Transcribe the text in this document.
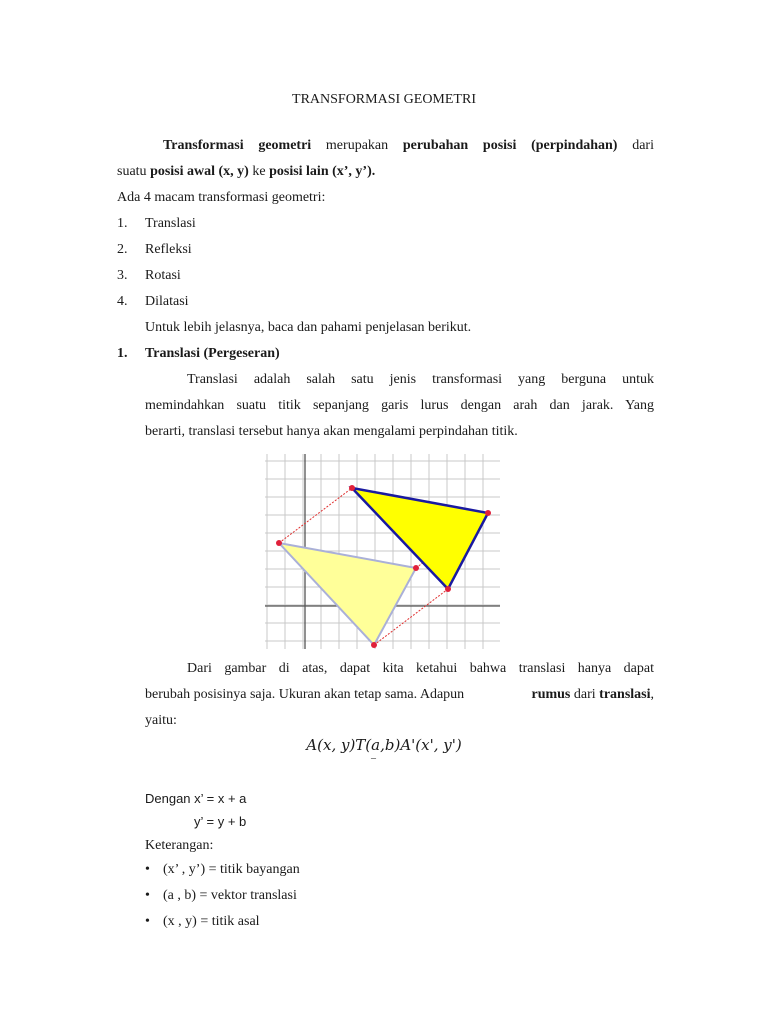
TRANSFORMASI GEOMETRI
Transformasi geometri merupakan perubahan posisi (perpindahan) dari
suatu posisi awal (x, y) ke posisi lain (x’, y’).
Ada 4 macam transformasi geometri:
1. Translasi
2. Refleksi
3. Rotasi
4. Dilatasi
Untuk lebih jelasnya, baca dan pahami penjelasan berikut.
1. Translasi (Pergeseran)
Translasi adalah salah satu jenis transformasi yang berguna untuk
memindahkan suatu titik sepanjang garis lurus dengan arah dan jarak. Yang
berarti, translasi tersebut hanya akan mengalami perpindahan titik.
Dari gambar di atas, dapat kita ketahui bahwa translasi hanya dapat
berubah posisinya saja. Ukuran akan tetap sama. Adapun	rumus dari translasi,
yaitu:
A(x, y)T(a,b)A'(x', y')
–
Dengan x’ = x + a
y’ = y + b
Keterangan:
• (x’ , y’) = titik bayangan
• (a , b) = vektor translasi
• (x , y) = titik asal
